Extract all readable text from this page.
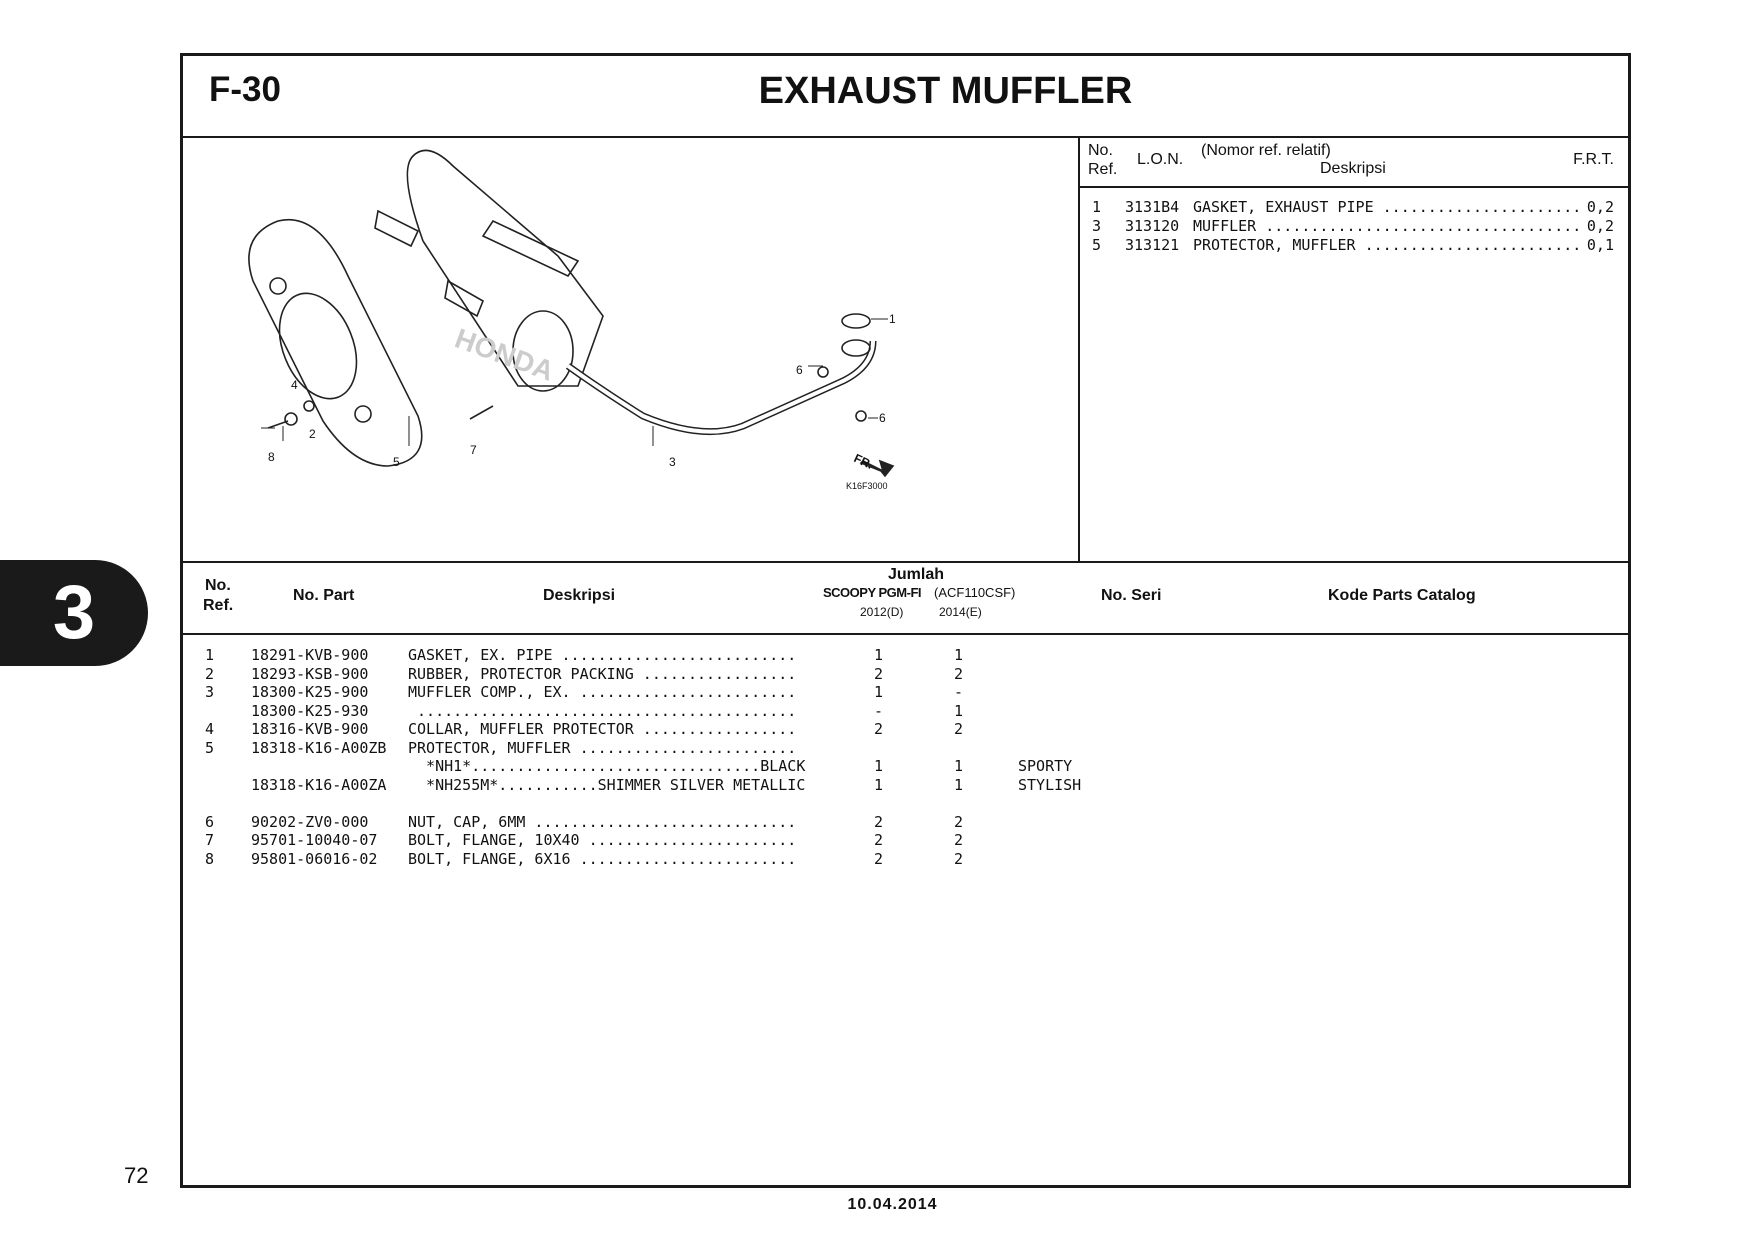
3
72
F-30	EXHAUST MUFFLER
HONDA
1
2
3
4
5
6
6
7
8	FR.
K16F3000
No.
Ref.
L.O.N.
(Nomor ref. relatif)
Deskripsi
F.R.T.
1 3131B4 GASKET, EXHAUST PIPE ...................... 0,2
3 313120 MUFFLER ................................... 0,2
5 313121 PROTECTOR, MUFFLER ........................ 0,1
No.
Ref.
No. Part	Deskripsi
Jumlah
SCOOPY PGM-FI (ACF110CSF)
2012(D)	2014(E)
No. Seri	Kode Parts Catalog
1 18291-KVB-900	GASKET, EX. PIPE ..........................	1	1
2 18293-KSB-900	RUBBER, PROTECTOR PACKING .................	2	2
3 18300-K25-900	MUFFLER COMP., EX. ........................	1	-
18300-K25-930	..........................................	-	1
4 18316-KVB-900	COLLAR, MUFFLER PROTECTOR .................	2	2
5 18318-K16-A00ZB PROTECTOR, MUFFLER ........................
*NH1*................................BLACK	1	1	SPORTY
18318-K16-A00ZA *NH255M*...........SHIMMER SILVER METALLIC	1	1	STYLISH
6 90202-ZV0-000	NUT, CAP, 6MM .............................	2	2
7 95701-10040-07 BOLT, FLANGE, 10X40 .......................	2	2
8 95801-06016-02 BOLT, FLANGE, 6X16 ........................	2	2
10.04.2014
